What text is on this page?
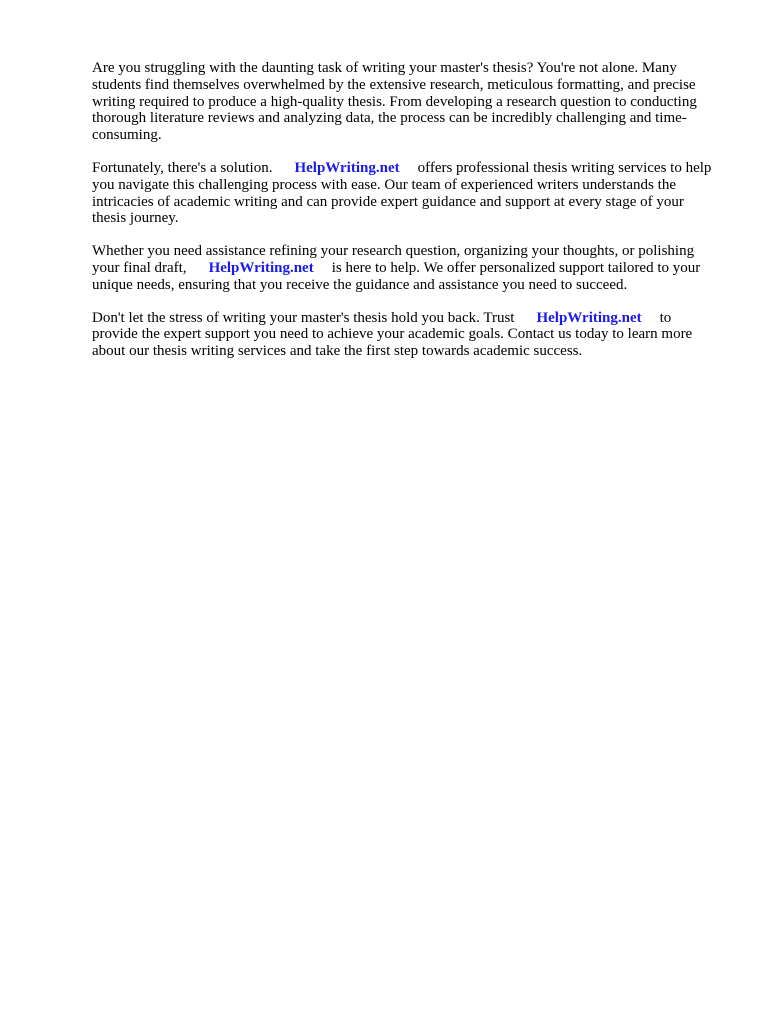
Are you struggling with the daunting task of writing your master's thesis? You're not alone. Many students find themselves overwhelmed by the extensive research, meticulous formatting, and precise writing required to produce a high-quality thesis. From developing a research question to conducting thorough literature reviews and analyzing data, the process can be incredibly challenging and time-consuming.

Fortunately, there's a solution. HelpWriting.net offers professional thesis writing services to help you navigate this challenging process with ease. Our team of experienced writers understands the intricacies of academic writing and can provide expert guidance and support at every stage of your thesis journey.

Whether you need assistance refining your research question, organizing your thoughts, or polishing your final draft, HelpWriting.net is here to help. We offer personalized support tailored to your unique needs, ensuring that you receive the guidance and assistance you need to succeed.

Don't let the stress of writing your master's thesis hold you back. Trust HelpWriting.net to provide the expert support you need to achieve your academic goals. Contact us today to learn more about our thesis writing services and take the first step towards academic success.
